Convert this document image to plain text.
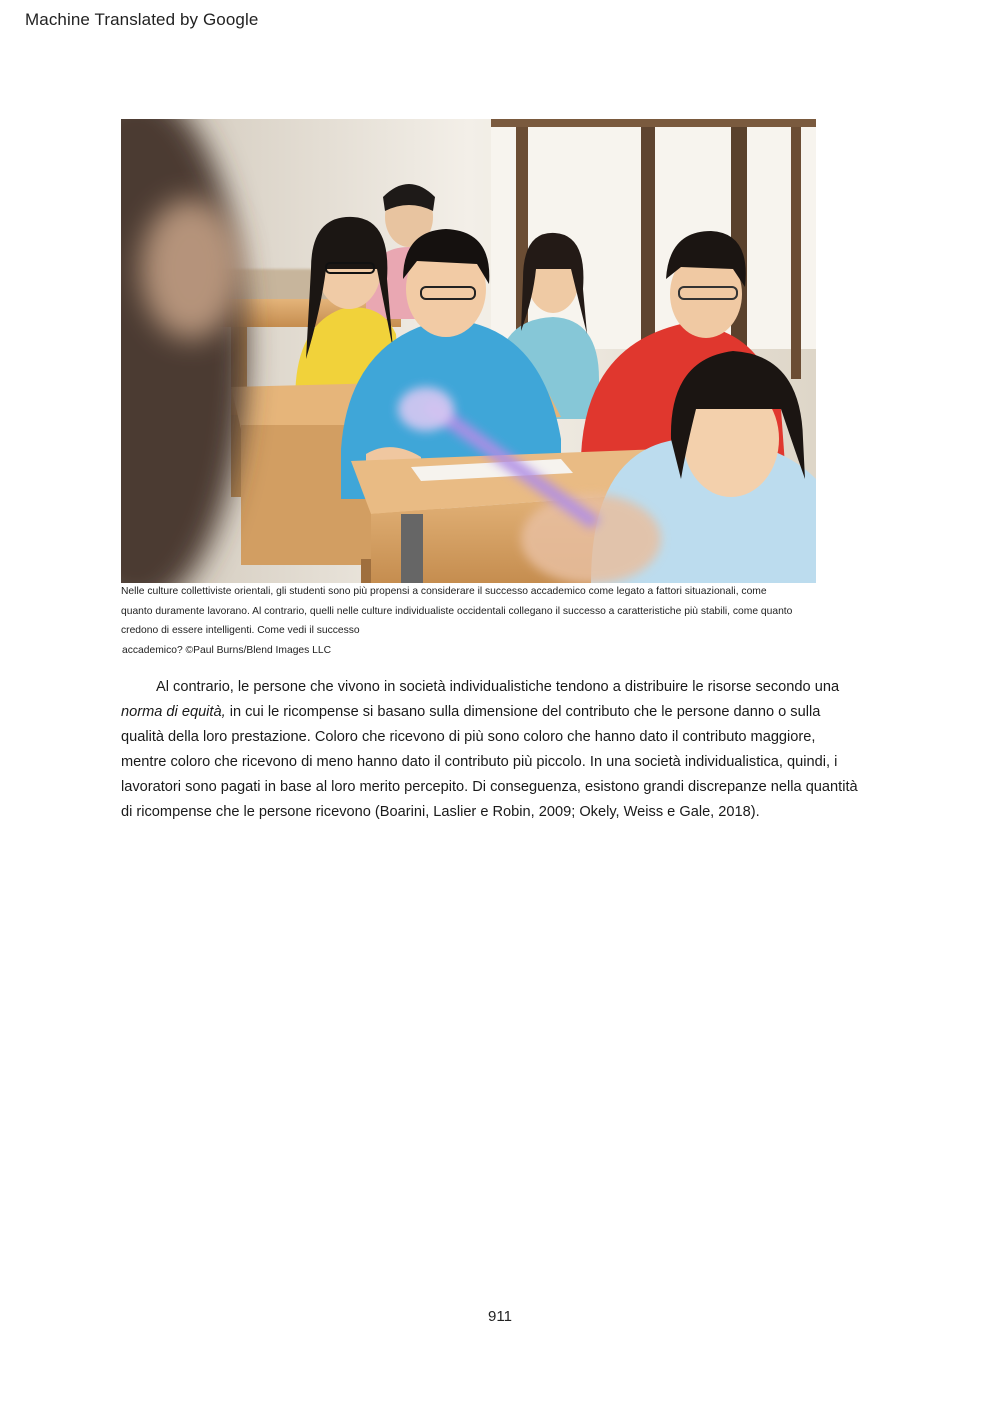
Machine Translated by Google
Nelle culture collettiviste orientali, gli studenti sono più propensi a considerare il successo accademico come legato a fattori situazionali, come
quanto duramente lavorano. Al contrario, quelli nelle culture individualiste occidentali collegano il successo a caratteristiche più stabili, come quanto
credono di essere intelligenti. Come vedi il successo
accademico? ©Paul Burns/Blend Images LLC
Al contrario, le persone che vivono in società individualistiche tendono a distribuire le risorse secondo una
norma di equità, in cui le ricompense si basano sulla dimensione del contributo che le persone danno o sulla
qualità della loro prestazione. Coloro che ricevono di più sono coloro che hanno dato il contributo maggiore,
mentre coloro che ricevono di meno hanno dato il contributo più piccolo. In una società individualistica, quindi, i
lavoratori sono pagati in base al loro merito percepito. Di conseguenza, esistono grandi discrepanze nella quantità
di ricompense che le persone ricevono (Boarini, Laslier e Robin, 2009; Okely, Weiss e Gale, 2018).
911
